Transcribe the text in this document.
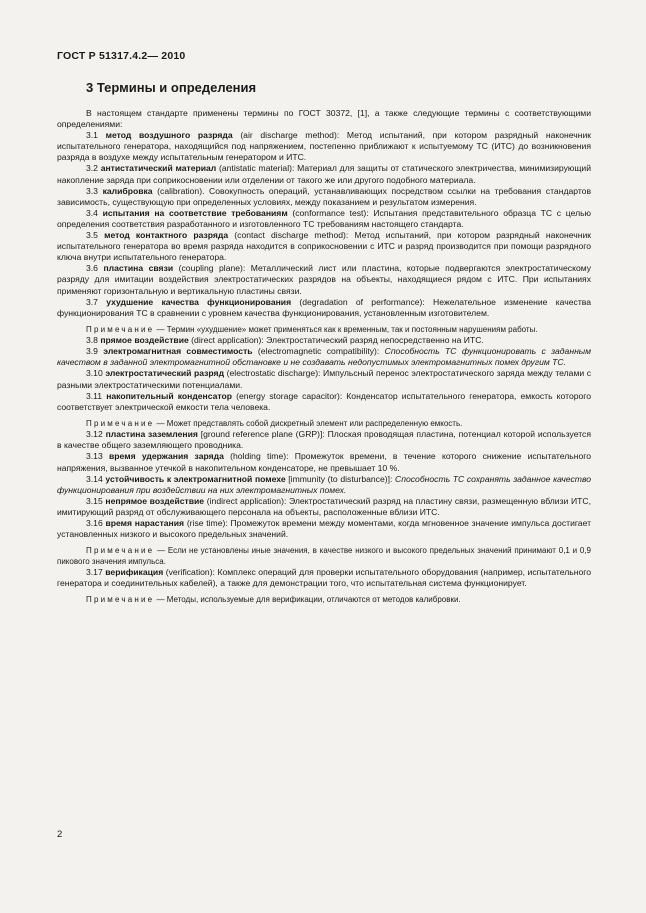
ГОСТ Р 51317.4.2— 2010
3 Термины и определения

В настоящем стандарте применены термины по ГОСТ 30372, [1], а также следующие термины с соответствующими определениями:

3.1 метод воздушного разряда (air discharge method): Метод испытаний, при котором разрядный наконечник испытательного генератора, находящийся под напряжением, постепенно приближают к испытуемому ТС (ИТС) до возникновения разряда в воздухе между испытательным генератором и ИТС.

3.2 антистатический материал (antistatic material): Материал для защиты от статического электричества, минимизирующий накопление заряда при соприкосновении или отделении от такого же или другого подобного материала.

3.3 калибровка (calibration). Совокупность операций, устанавливающих посредством ссылки на требования стандартов зависимость, существующую при определенных условиях, между показанием и результатом измерения.

3.4 испытания на соответствие требованиям (conformance test): Испытания представительного образца ТС с целью определения соответствия разработанного и изготовленного ТС требованиям настоящего стандарта.

3.5 метод контактного разряда (contact discharge method): Метод испытаний, при котором разрядный наконечник испытательного генератора во время разряда находится в соприкосновении с ИТС и разряд производится при помощи разрядного ключа внутри испытательного генератора.

3.6 пластина связи (coupling plane): Металлический лист или пластина, которые подвергаются электростатическому разряду для имитации воздействия электростатических разрядов на объекты, находящиеся рядом с ИТС. При испытаниях применяют горизонтальную и вертикальную пластины связи.

3.7 ухудшение качества функционирования (degradation of performance): Нежелательное изменение качества функционирования ТС в сравнении с уровнем качества функционирования, установленным изготовителем.

Примечание — Термин «ухудшение» может применяться как к временным, так и постоянным нарушениям работы.

3.8 прямое воздействие (direct application): Электростатический разряд непосредственно на ИТС.

3.9 электромагнитная совместимость (electromagnetic compatibility): Способность ТС функционировать с заданным качеством в заданной электромагнитной обстановке и не создавать недопустимых электромагнитных помех другим ТС.

3.10 электростатический разряд (electrostatic discharge): Импульсный перенос электростатического заряда между телами с разными электростатическими потенциалами.

3.11 накопительный конденсатор (energy storage capacitor): Конденсатор испытательного генератора, емкость которого соответствует электрической емкости тела человека.

Примечание — Может представлять собой дискретный элемент или распределенную емкость.

3.12 пластина заземления [ground reference plane (GRP)]: Плоская проводящая пластина, потенциал которой используется в качестве общего заземляющего проводника.

3.13 время удержания заряда (holding time): Промежуток времени, в течение которого снижение испытательного напряжения, вызванное утечкой в накопительном конденсаторе, не превышает 10 %.

3.14 устойчивость к электромагнитной помехе [immunity (to disturbance)]: Способность ТС сохранять заданное качество функционирования при воздействии на них электромагнитных помех.

3.15 непрямое воздействие (indirect application): Электростатический разряд на пластину связи, размещенную вблизи ИТС, имитирующий разряд от обслуживающего персонала на объекты, расположенные вблизи ИТС.

3.16 время нарастания (rise time): Промежуток времени между моментами, когда мгновенное значение импульса достигает установленных низкого и высокого предельных значений.

Примечание — Если не установлены иные значения, в качестве низкого и высокого предельных значений принимают 0,1 и 0,9 пикового значения импульса.

3.17 верификация (verification): Комплекс операций для проверки испытательного оборудования (например, испытательного генератора и соединительных кабелей), а также для демонстрации того, что испытательная система функционирует.

Примечание — Методы, используемые для верификации, отличаются от методов калибровки.

2
